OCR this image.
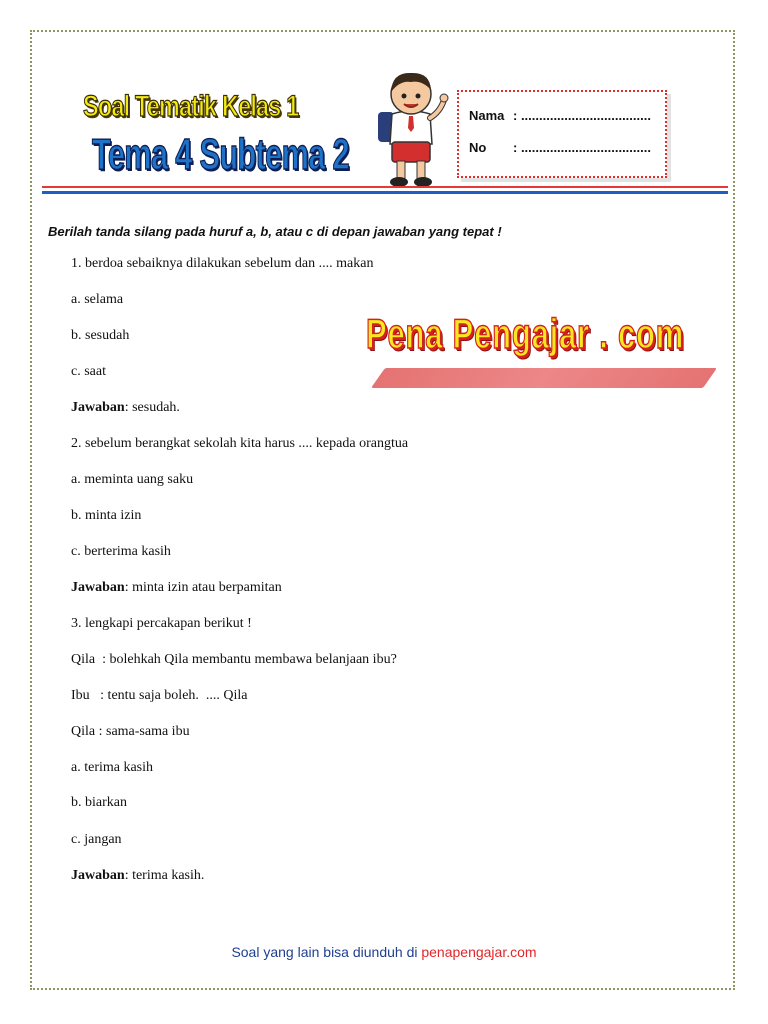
Soal Tematik Kelas 1
Tema 4 Subtema 2
Nama : ....................................
No : ....................................
Berilah tanda silang pada huruf a, b, atau c di depan jawaban yang tepat !
1. berdoa sebaiknya dilakukan sebelum dan .... makan
a. selama
b. sesudah
c. saat
Jawaban: sesudah.
2. sebelum berangkat sekolah kita harus .... kepada orangtua
a. meminta uang saku
b. minta izin
c. berterima kasih
Jawaban: minta izin atau berpamitan
3. lengkapi percakapan berikut !
Qila  : bolehkah Qila membantu membawa belanjaan ibu?
Ibu   : tentu saja boleh.  .... Qila
Qila : sama-sama ibu
a. terima kasih
b. biarkan
c. jangan
Jawaban: terima kasih.
Pena Pengajar . com
Soal yang lain bisa diunduh di penapengajar.com
